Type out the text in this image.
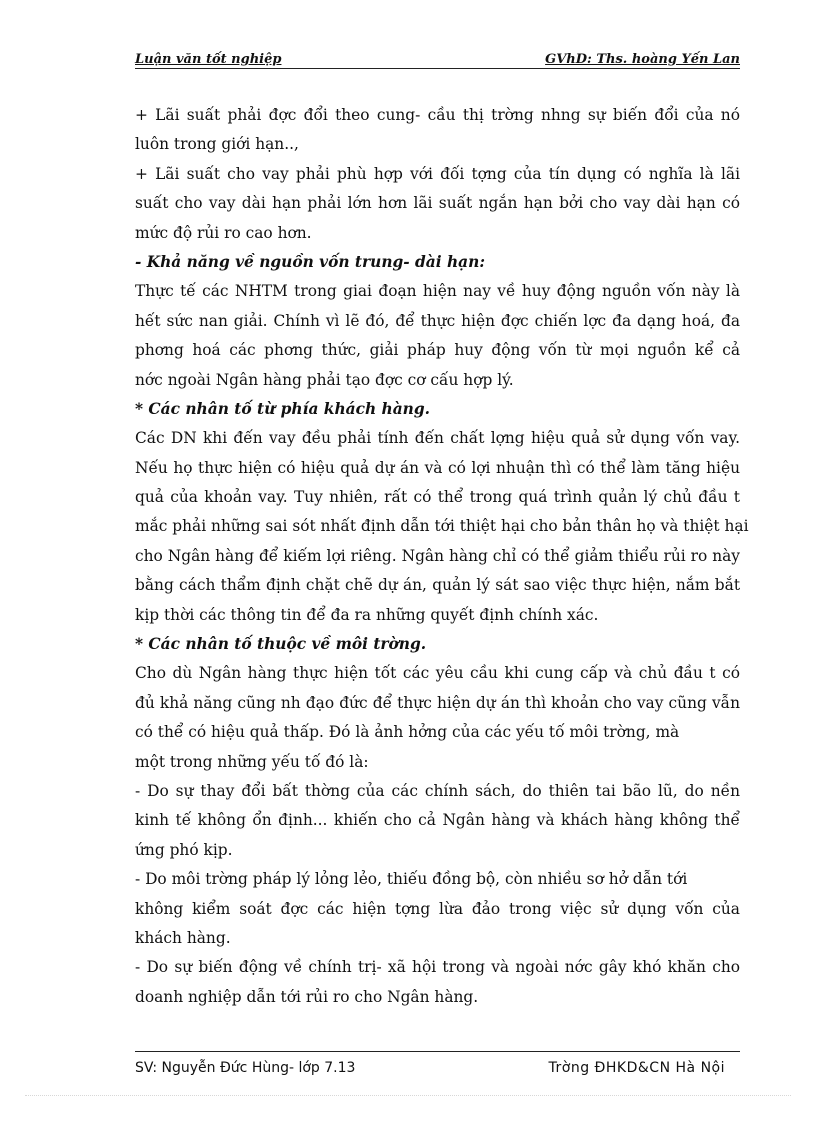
Luận văn tốt nghiệp	GVhD: Ths. hoàng Yến Lan
+ Lãi suất phải đợc đổi theo cung- cầu thị trờng nhng sự biến đổi của nó
luôn trong giới hạn..,
+ Lãi suất cho vay phải phù hợp với đối tợng của tín dụng có nghĩa là lãi
suất cho vay dài hạn phải lớn hơn lãi suất ngắn hạn bởi cho vay dài hạn có
mức độ rủi ro cao hơn.
- Khả năng về nguồn vốn trung- dài hạn:
Thực tế các NHTM trong giai đoạn hiện nay về huy động nguồn vốn này là
hết sức nan giải. Chính vì lẽ đó, để thực hiện đợc chiến lợc đa dạng hoá, đa
phơng hoá các phơng thức, giải pháp huy động vốn từ mọi nguồn kể cả
nớc ngoài Ngân hàng phải tạo đợc cơ cấu hợp lý.
* Các nhân tố từ phía khách hàng.
Các DN khi đến vay đều phải tính đến chất lợng hiệu quả sử dụng vốn vay.
Nếu họ thực hiện có hiệu quả dự án và có lợi nhuận thì có thể làm tăng hiệu
quả của khoản vay. Tuy nhiên, rất có thể trong quá trình quản lý chủ đầu t
mắc phải những sai sót nhất định dẫn tới thiệt hại cho bản thân họ và thiệt hại
cho Ngân hàng để kiếm lợi riêng. Ngân hàng chỉ có thể giảm thiểu rủi ro này
bằng cách thẩm định chặt chẽ dự án, quản lý sát sao việc thực hiện, nắm bắt
kịp thời các thông tin để đa ra những quyết định chính xác.
* Các nhân tố thuộc về môi trờng.
Cho dù Ngân hàng thực hiện tốt các yêu cầu khi cung cấp và chủ đầu t có
đủ khả năng cũng nh đạo đức để thực hiện dự án thì khoản cho vay cũng vẫn
có thể có hiệu quả thấp. Đó là ảnh hởng của các yếu tố môi trờng, mà
một trong những yếu tố đó là:
- Do sự thay đổi bất thờng của các chính sách, do thiên tai bão lũ, do nền
kinh tế không ổn định... khiến cho cả Ngân hàng và khách hàng không thể
ứng phó kịp.
- Do môi trờng pháp lý lỏng lẻo, thiếu đồng bộ, còn nhiều sơ hở dẫn tới
không kiểm soát đợc các hiện tợng lừa đảo trong việc sử dụng vốn của
khách hàng.
- Do sự biến động về chính trị- xã hội trong và ngoài nớc gây khó khăn cho
doanh nghiệp dẫn tới rủi ro cho Ngân hàng.
SV: Nguyễn Đức Hùng- lớp 7.13	Trờng ĐHKD&CN Hà Nội
